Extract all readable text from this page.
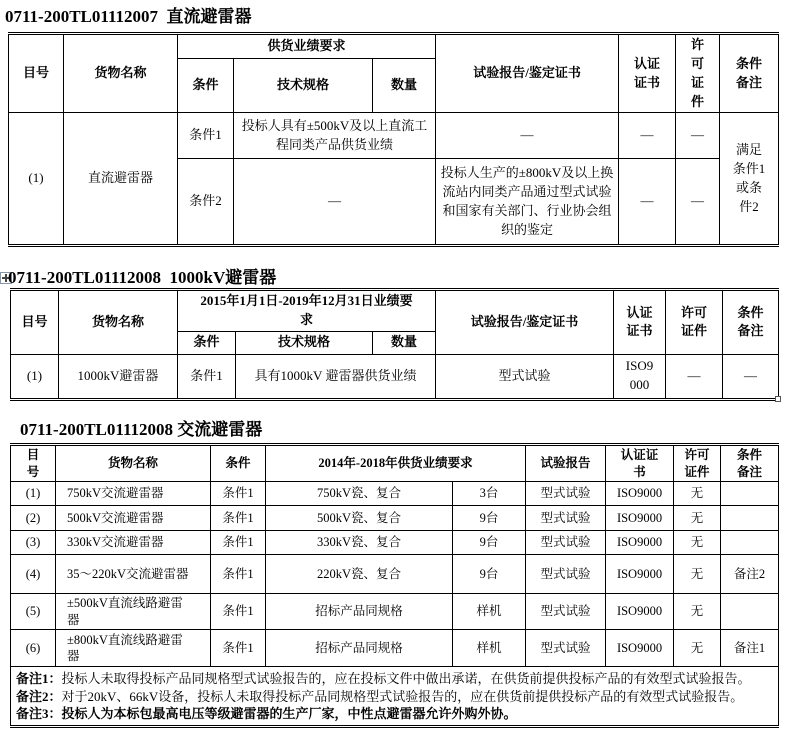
0711-200TL01112007  直流避雷器
目号	货物名称	供货业绩要求			试验报告/鉴定证书	认证证书	许可证件	条件备注
		条件	技术规格	数量				
(1)	直流避雷器	条件1	投标人具有±500kV及以上直流工程同类产品供货业绩		—	—	—	满足条件1或条件2
		条件2	—		投标人生产的±800kV及以上换流站内同类产品通过型式试验和国家有关部门、行业协会组织的鉴定	—	—	
0711-200TL01112008  1000kV避雷器
目号	货物名称	2015年1月1日-2019年12月31日业绩要求			试验报告/鉴定证书	认证证书	许可证件	条件备注
		条件	技术规格	数量				
(1)	1000kV避雷器	条件1	具有1000kV 避雷器供货业绩		型式试验	ISO9000	—	—
0711-200TL01112008 交流避雷器
目号	货物名称	条件	2014年-2018年供货业绩要求		试验报告	认证证书	许可证件	条件备注
(1)	750kV交流避雷器	条件1	750kV瓷、复合	3台	型式试验	ISO9000	无	
(2)	500kV交流避雷器	条件1	500kV瓷、复合	9台	型式试验	ISO9000	无	
(3)	330kV交流避雷器	条件1	330kV瓷、复合	9台	型式试验	ISO9000	无	
(4)	35～220kV交流避雷器	条件1	220kV瓷、复合	9台	型式试验	ISO9000	无	备注2
(5)	±500kV直流线路避雷器	条件1	招标产品同规格	样机	型式试验	ISO9000	无	
(6)	±800kV直流线路避雷器	条件1	招标产品同规格	样机	型式试验	ISO9000	无	备注1

备注1：投标人未取得投标产品同规格型式试验报告的，应在投标文件中做出承诺，在供货前提供投标产品的有效型式试验报告。
备注2：对于20kV、66kV设备，投标人未取得投标产品同规格型式试验报告的，应在供货前提供投标产品的有效型式试验报告。
备注3：投标人为本标包最高电压等级避雷器的生产厂家，中性点避雷器允许外购外协。								
